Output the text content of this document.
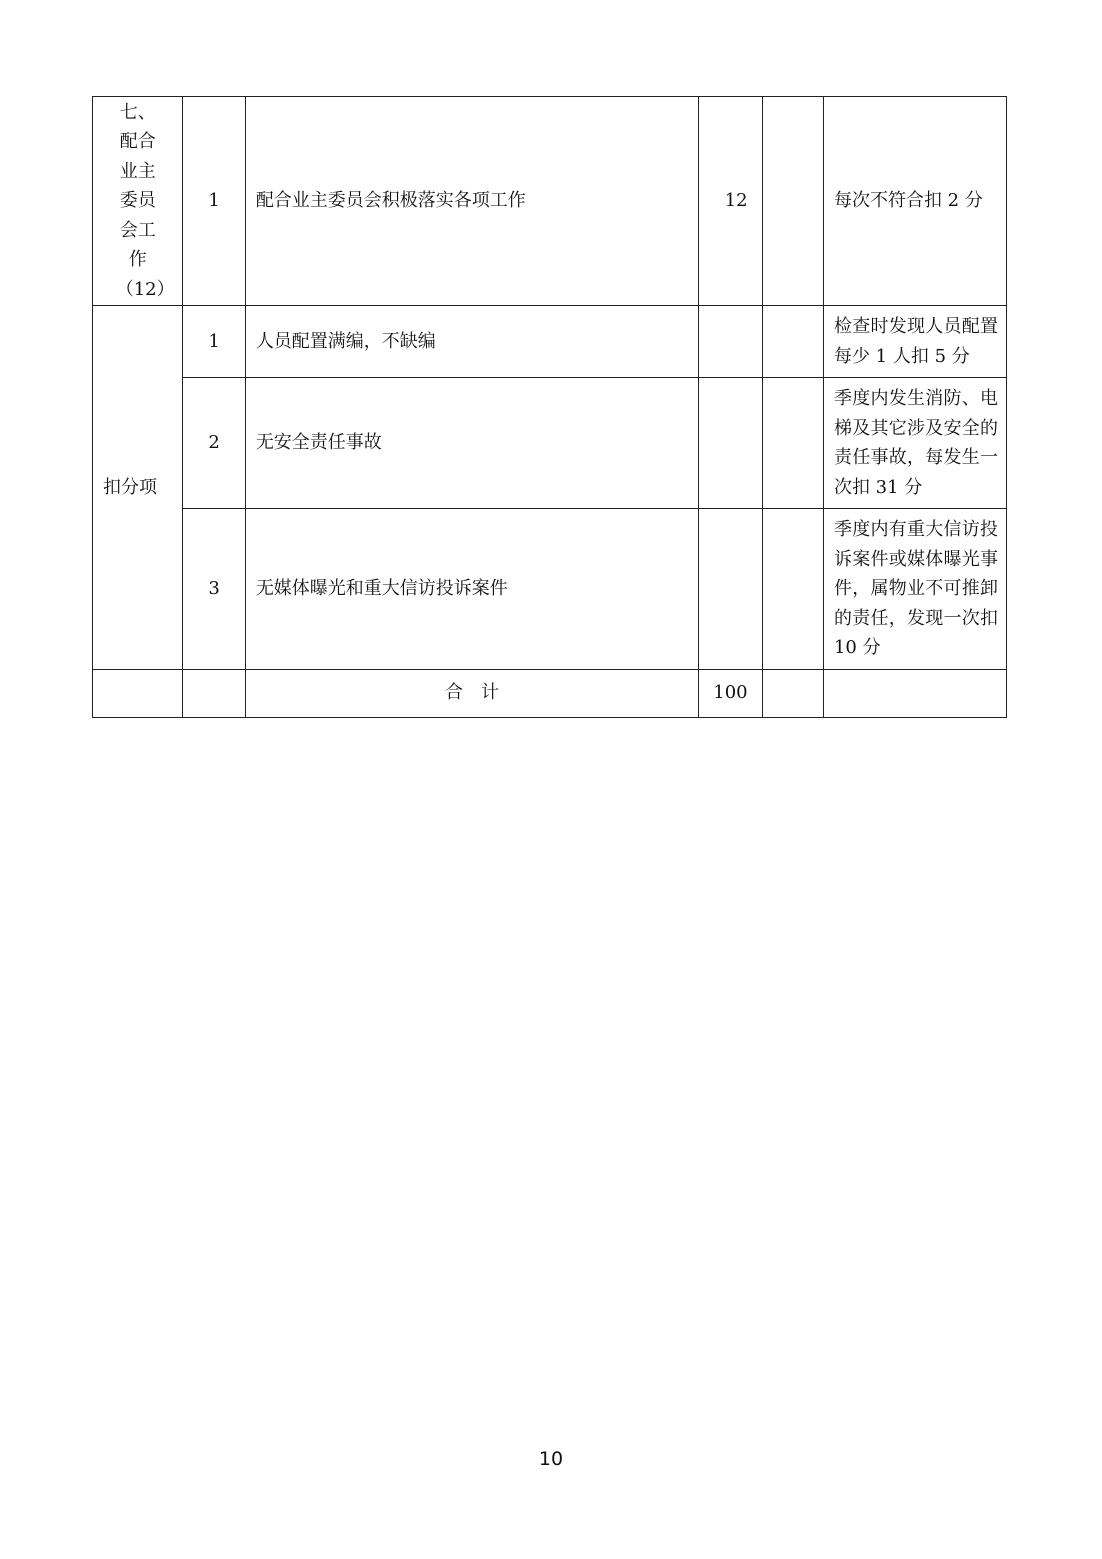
七、配合业主委员会工作（12）	1	配合业主委员会积极落实各项工作	12		每次不符合扣 2 分
扣分项	1	人员配置满编，不缺编			检查时发现人员配置每少 1 人扣 5 分
	2	无安全责任事故			季度内发生消防、电梯及其它涉及安全的责任事故，每发生一次扣 31 分
	3	无媒体曝光和重大信访投诉案件			季度内有重大信访投诉案件或媒体曝光事件，属物业不可推卸的责任，发现一次扣 10 分
		合计	100		
10
